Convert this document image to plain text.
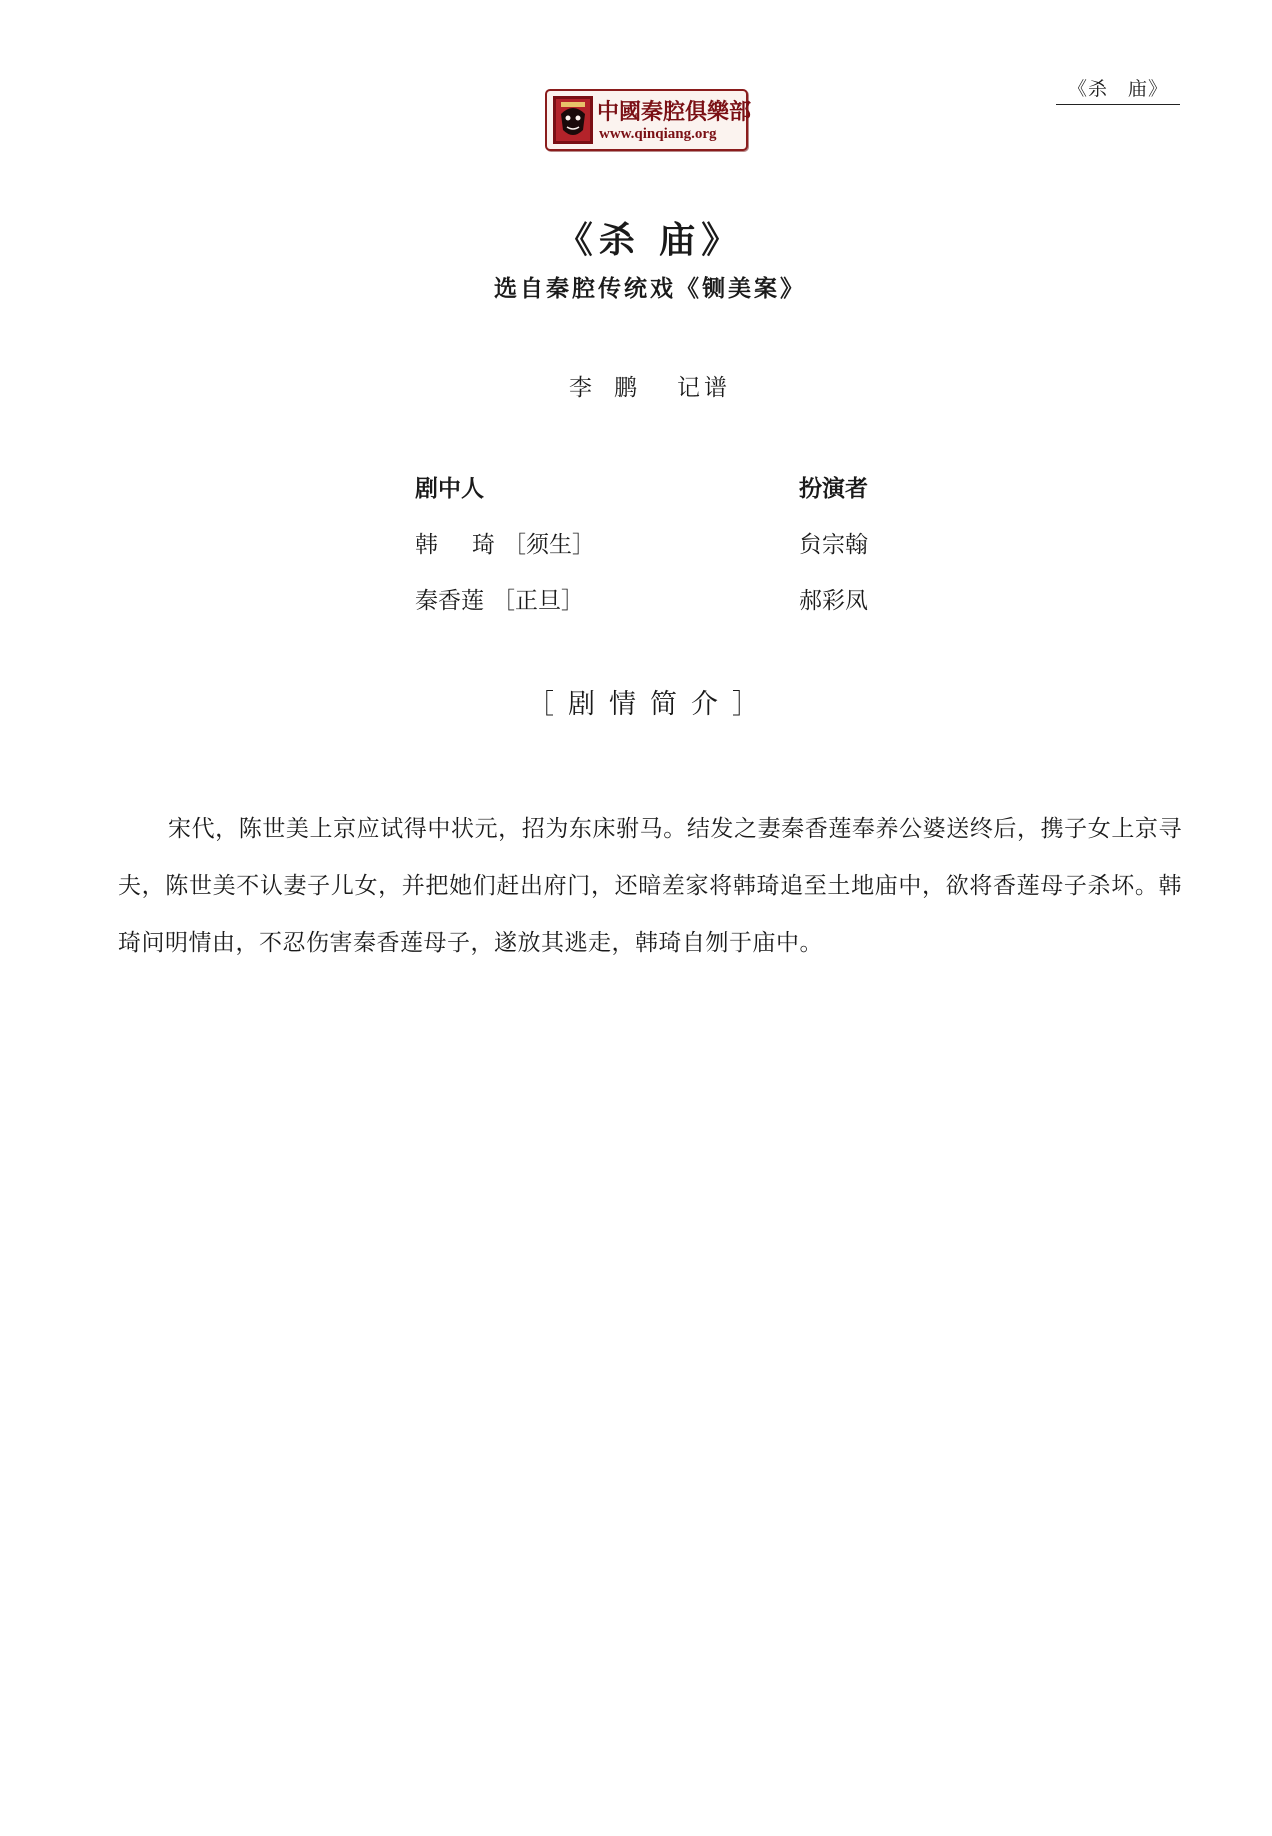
《杀　庙》
中國秦腔俱樂部
www.qinqiang.org
《杀 庙》
选自秦腔传统戏《铡美案》
李鹏 记谱
剧中人	扮演者
韩 琦 ［须生］	贠宗翰
秦香莲 ［正旦］	郝彩凤
［剧情简介］

宋代，陈世美上京应试得中状元，招为东床驸马。结发之妻秦香莲奉养公婆送终后，携子女上京寻夫，陈世美不认妻子儿女，并把她们赶出府门，还暗差家将韩琦追至土地庙中，欲将香莲母子杀坏。韩琦问明情由，不忍伤害秦香莲母子，遂放其逃走，韩琦自刎于庙中。
